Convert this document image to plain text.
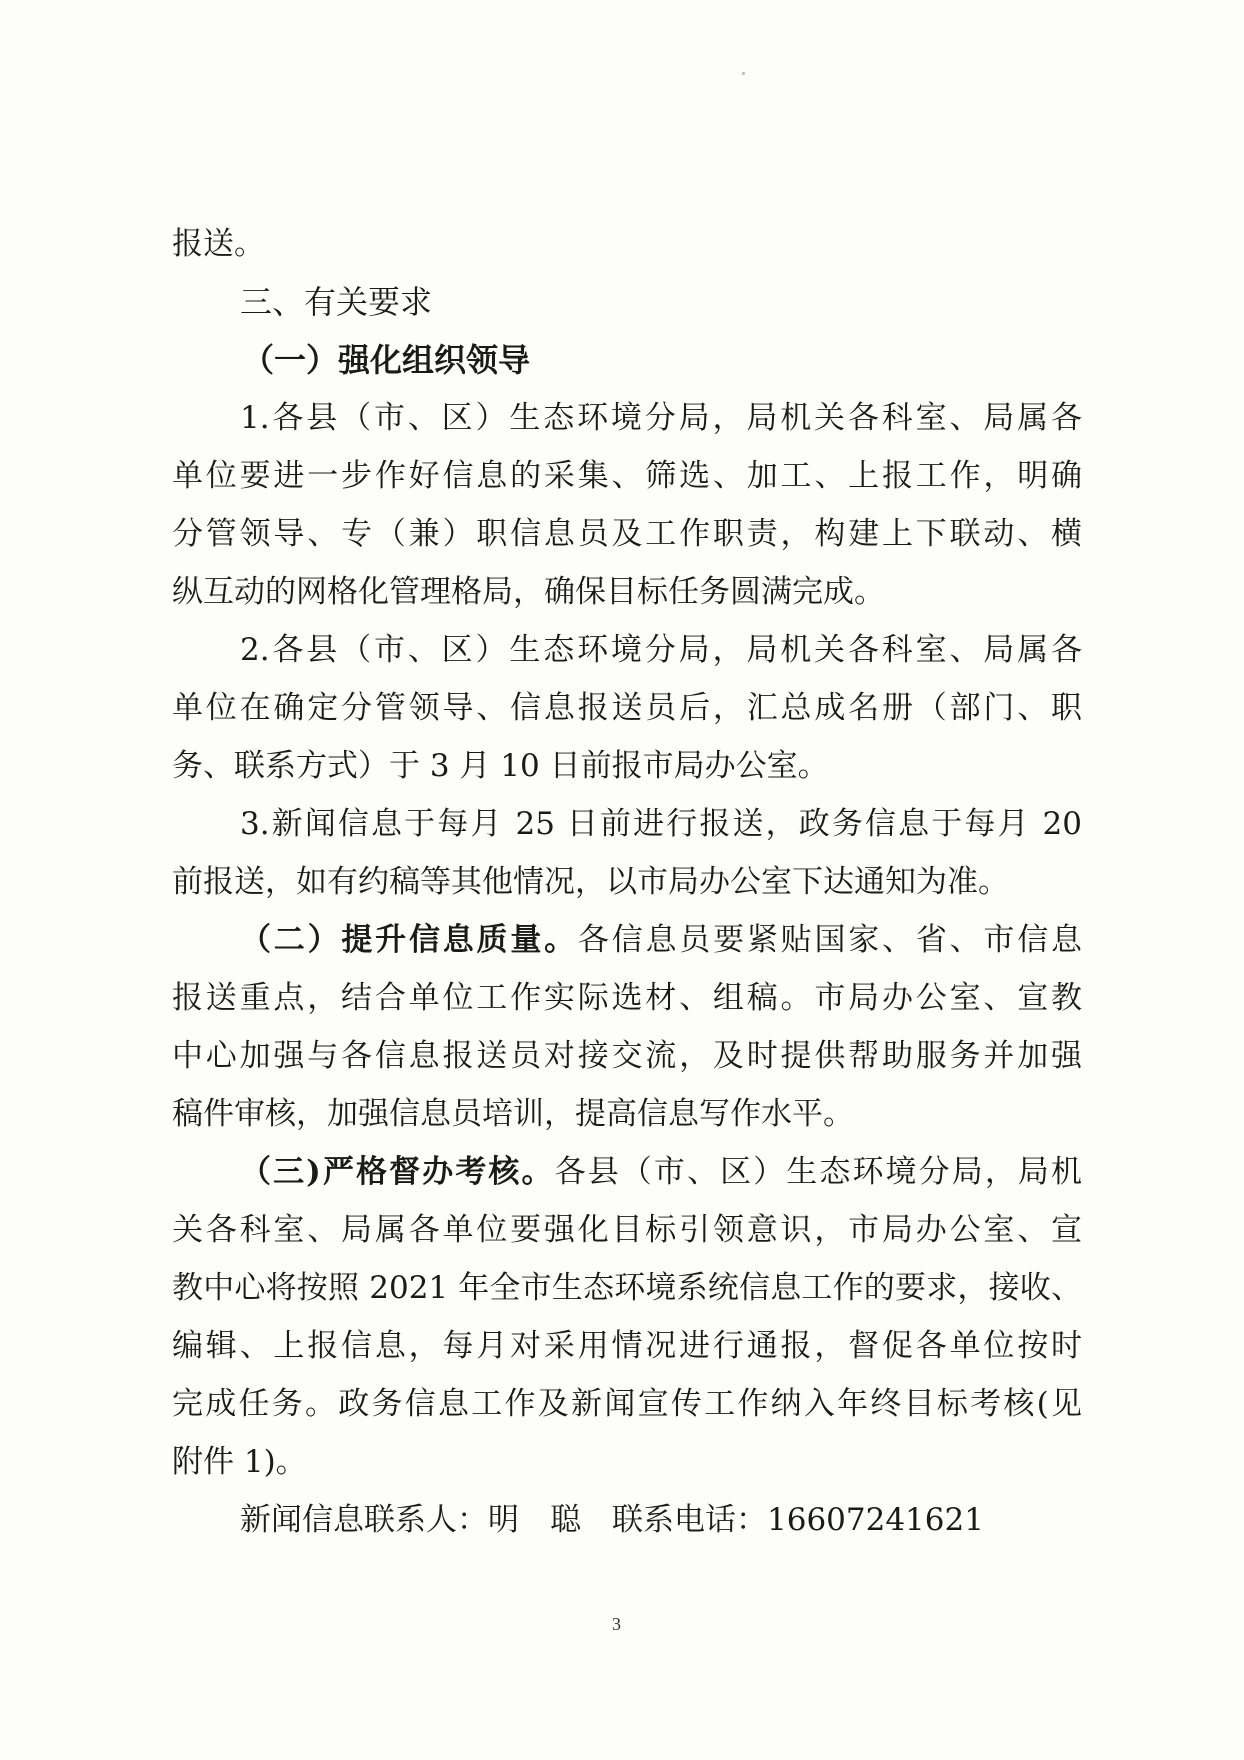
报送。
三、有关要求
（一）强化组织领导
1.各县（市、区）生态环境分局，局机关各科室、局属各
单位要进一步作好信息的采集、筛选、加工、上报工作，明确
分管领导、专（兼）职信息员及工作职责，构建上下联动、横
纵互动的网格化管理格局，确保目标任务圆满完成。
2.各县（市、区）生态环境分局，局机关各科室、局属各
单位在确定分管领导、信息报送员后，汇总成名册（部门、职
务、联系方式）于 3 月 10 日前报市局办公室。
3.新闻信息于每月 25 日前进行报送，政务信息于每月 20
前报送，如有约稿等其他情况，以市局办公室下达通知为准。
（二）提升信息质量。各信息员要紧贴国家、省、市信息
报送重点，结合单位工作实际选材、组稿。市局办公室、宣教
中心加强与各信息报送员对接交流，及时提供帮助服务并加强
稿件审核，加强信息员培训，提高信息写作水平。
（三)严格督办考核。各县（市、区）生态环境分局，局机
关各科室、局属各单位要强化目标引领意识，市局办公室、宣
教中心将按照 2021 年全市生态环境系统信息工作的要求，接收、
编辑、上报信息，每月对采用情况进行通报，督促各单位按时
完成任务。政务信息工作及新闻宣传工作纳入年终目标考核(见
附件 1)。
新闻信息联系人：明　聪　联系电话：16607241621
3
